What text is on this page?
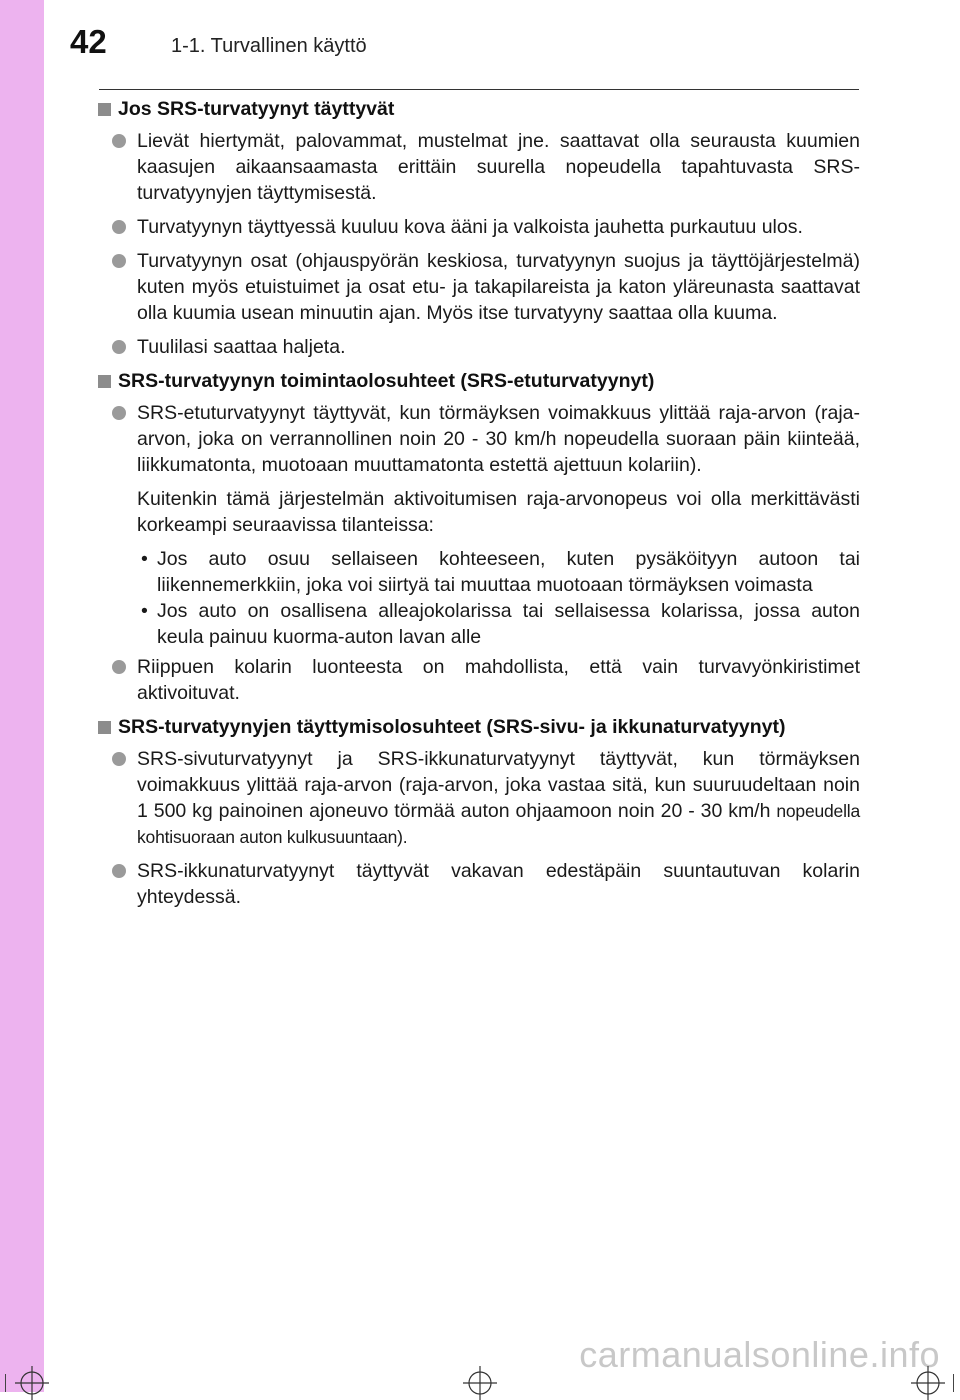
42	1-1. Turvallinen käyttö
Jos SRS-turvatyynyt täyttyvät
Lievät hiertymät, palovammat, mustelmat jne. saattavat olla seurausta kuumien kaasujen aikaansaamasta erittäin suurella nopeudella tapahtuvasta SRS-turvatyynyjen täyttymisestä.
Turvatyynyn täyttyessä kuuluu kova ääni ja valkoista jauhetta purkautuu ulos.
Turvatyynyn osat (ohjauspyörän keskiosa, turvatyynyn suojus ja täyttöjärjestelmä) kuten myös etuistuimet ja osat etu- ja takapilareista ja katon yläreunasta saattavat olla kuumia usean minuutin ajan. Myös itse turvatyyny saattaa olla kuuma.
Tuulilasi saattaa haljeta.
SRS-turvatyynyn toimintaolosuhteet (SRS-etuturvatyynyt)
SRS-etuturvatyynyt täyttyvät, kun törmäyksen voimakkuus ylittää raja-arvon (raja-arvon, joka on verrannollinen noin 20 - 30 km/h nopeudella suoraan päin kiinteää, liikkumatonta, muotoaan muuttamatonta estettä ajettuun kolariin).
Kuitenkin tämä järjestelmän aktivoitumisen raja-arvonopeus voi olla merkittävästi korkeampi seuraavissa tilanteissa:
• Jos auto osuu sellaiseen kohteeseen, kuten pysäköityyn autoon tai liikennemerkkiin, joka voi siirtyä tai muuttaa muotoaan törmäyksen voimasta
• Jos auto on osallisena alleajokolarissa tai sellaisessa kolarissa, jossa auton keula painuu kuorma-auton lavan alle
Riippuen kolarin luonteesta on mahdollista, että vain turvavyönkiristimet aktivoituvat.
SRS-turvatyynyjen täyttymisolosuhteet (SRS-sivu- ja ikkunaturvatyynyt)
SRS-sivuturvatyynyt ja SRS-ikkunaturvatyynyt täyttyvät, kun törmäyksen voimakkuus ylittää raja-arvon (raja-arvon, joka vastaa sitä, kun suuruudeltaan noin 1 500 kg painoinen ajoneuvo törmää auton ohjaamoon noin 20 - 30 km/h nopeudella kohtisuoraan auton kulkusuuntaan).
SRS-ikkunaturvatyynyt täyttyvät vakavan edestäpäin suuntautuvan kolarin yhteydessä.
carmanualsonline.info
